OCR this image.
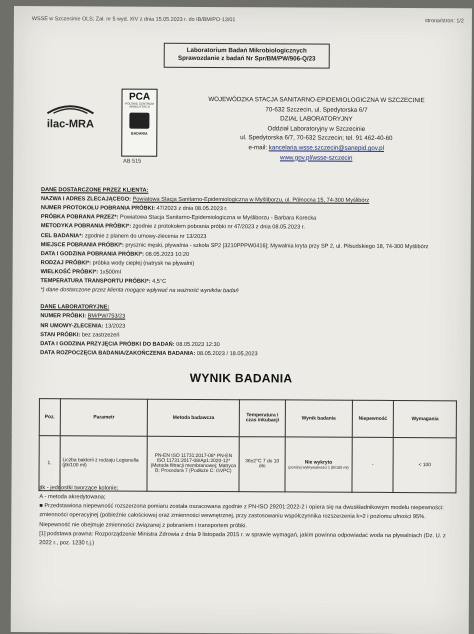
WSSE w Szczecinie OLS; Zał. nr 5 wyd. XIV z dnia 15.05.2023 r. do IB/BM/PO-13/01	strona/stron: 1/2
Laboratorium Badań Mikrobiologicznych
Sprawozdanie z badań Nr Spr/BM/PW/906-Q/23
ilac-MRA
PCA
POLSKIE CENTRUM
AKREDYTACJI
BADANIA
AB 515
WOJEWÓDZKA STACJA SANITARNO-EPIDEMIOLOGICZNA W SZCZECINIE
70-632 Szczecin, ul. Spedytorska 6/7
DZIAŁ LABORATORYJNY
Oddział Laboratoryjny w Szczecinie
ul. Spedytorska 6/7, 70-632 Szczecin; tel. 91 462-40-60
e-mail: kancelaria.wsse.szczecin@sanepid.gov.pl
www.gov.pl/wsse-szczecin
DANE DOSTARCZONE PRZEZ KLIENTA:
NAZWA I ADRES ZLECAJĄCEGO: Powiatowa Stacja Sanitarno-Epidemiologiczna w Myśliborzu, ul. Północna 15, 74-300 Myślibórz
NUMER PROTOKOŁU POBRANIA PRÓBKI: 47/2023 z dnia 08.05.2023 r.
PRÓBKA POBRANA PRZEZ*: Powiatowa Stacja Sanitarno-Epidemiologiczna w Myśliborzu - Barbara Korecka
METODYKA POBRANIA PRÓBKI*: zgodnie z protokołem pobrania próbki nr 47/2023 z dnia 08.05.2023 r.
CEL BADANIA*: zgodnie z planem do umowy-zlecenia nr 13/2023
MIEJSCE POBRANIA PRÓBKI*: prysznic męski, pływalnia - szkoła SP2 [3210PPPW0416]; Mywalnia kryta przy SP 2, ul. Piłsudskiego 18, 74-300 Myślibórz
DATA I GODZINA POBRANIA PRÓBKI*: 08.05.2023 10:20
RODZAJ PRÓBKI*: próbka wody ciepłej (natrysk na pływalni)
WIELKOŚĆ PRÓBKI*: 1x500ml
TEMPERATURA TRANSPORTU PRÓBKI*: 4,5°C
*) dane dostarczone przez klienta mogące wpływać na ważność wyników badań
DANE LABORATORYJNE:
NUMER PRÓBKI: BM/PW/753/23
NR UMOWY-ZLECENIA: 13/2023
STAN PRÓBKI: bez zastrzeżeń
DATA I GODZINA PRZYJĘCIA PRÓBKI DO BADAŃ: 08.05.2023 12:30
DATA ROZPOCZĘCIA BADANIA/ZAKOŃCZENIA BADANIA: 08.05.2023 / 18.05.2023
WYNIK BADANIA
Poz.	Parametr	Metoda badawcza	Temperatura i czas inkubacji	Wynik badania	Niepewność	Wymagania
1.	Liczba bakterii z rodzaju Legionella (jtk/100 ml)	PN-EN ISO 11731:2017-08* PN-EN ISO 11731:2017-08/Ap1:2020-12* (Metoda filtracji membranowej; Matryca B; Procedura 7 (Podłoże C: GVPC)	36±2°C 7 do 10 dni	Nie wykryto
(poniżej wykrywalności 1 jtk/100 ml)	-	< 100
jtk - jednostki tworzące kolonie;
A - metoda akredytowana;
■ Przedstawiona niepewność rozszerzona pomiaru została oszacowana zgodnie z PN-ISO 29201:2022-2 i opiera się na dwuskładnikowym modelu niepewności: zmienności operacyjnej (pobieżnie całościowej oraz zmienności wewnętrznej, przy zastosowaniu współczynnika rozszerzenia k=2 i poziomu ufności 95%.
Niepewność nie obejmuje zmienności związanej z pobraniem i transportem próbki.
[1] podstawa prawna: Rozporządzenie Ministra Zdrowia z dnia 9 listopada 2015 r. w sprawie wymagań, jakim powinna odpowiadać woda na pływalniach (Dz. U. z 2022 r., poz. 1230 t.j.)
